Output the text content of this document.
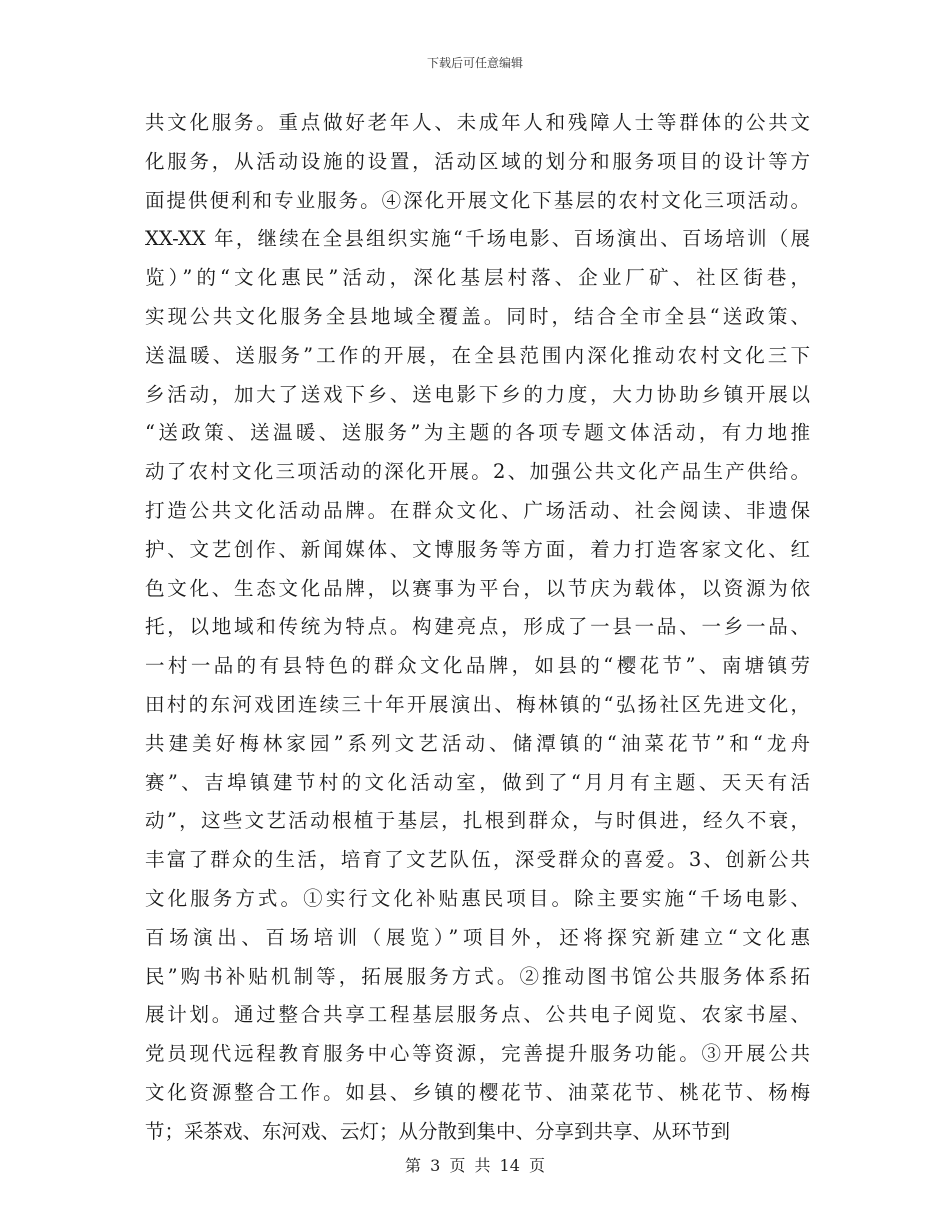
下载后可任意编辑
共文化服务。重点做好老年人、未成年人和残障人士等群体的公共文
化服务，从活动设施的设置，活动区域的划分和服务项目的设计等方
面提供便利和专业服务。④深化开展文化下基层的农村文化三项活动。
XX-XX 年，继续在全县组织实施“千场电影、百场演出、百场培训（展
览）”的“文化惠民”活动，深化基层村落、企业厂矿、社区街巷，
实现公共文化服务全县地域全覆盖。同时，结合全市全县“送政策、
送温暖、送服务”工作的开展，在全县范围内深化推动农村文化三下
乡活动，加大了送戏下乡、送电影下乡的力度，大力协助乡镇开展以
“送政策、送温暖、送服务”为主题的各项专题文体活动，有力地推
动了农村文化三项活动的深化开展。2、加强公共文化产品生产供给。
打造公共文化活动品牌。在群众文化、广场活动、社会阅读、非遗保
护、文艺创作、新闻媒体、文博服务等方面，着力打造客家文化、红
色文化、生态文化品牌，以赛事为平台，以节庆为载体，以资源为依
托，以地域和传统为特点。构建亮点，形成了一县一品、一乡一品、
一村一品的有县特色的群众文化品牌，如县的“樱花节”、南塘镇劳
田村的东河戏团连续三十年开展演出、梅林镇的“弘扬社区先进文化，
共建美好梅林家园”系列文艺活动、储潭镇的“油菜花节”和“龙舟
赛”、吉埠镇建节村的文化活动室，做到了“月月有主题、天天有活
动”，这些文艺活动根植于基层，扎根到群众，与时俱进，经久不衰，
丰富了群众的生活，培育了文艺队伍，深受群众的喜爱。3、创新公共
文化服务方式。①实行文化补贴惠民项目。除主要实施“千场电影、
百场演出、百场培训（展览）”项目外，还将探究新建立“文化惠
民”购书补贴机制等，拓展服务方式。②推动图书馆公共服务体系拓
展计划。通过整合共享工程基层服务点、公共电子阅览、农家书屋、
党员现代远程教育服务中心等资源，完善提升服务功能。③开展公共
文化资源整合工作。如县、乡镇的樱花节、油菜花节、桃花节、杨梅
节；采茶戏、东河戏、云灯；从分散到集中、分享到共享、从环节到
第 3 页 共 14 页
